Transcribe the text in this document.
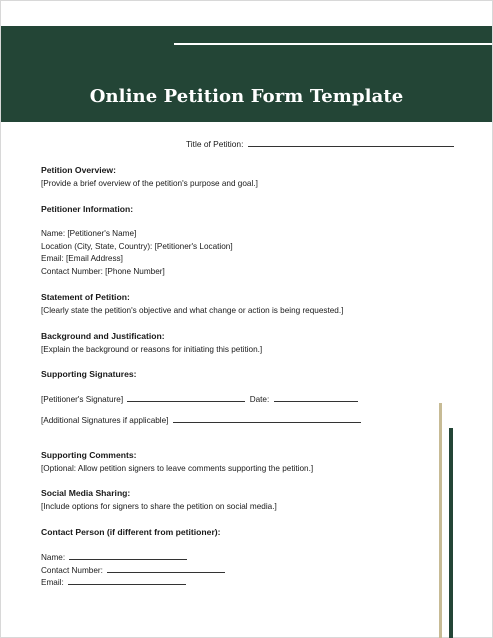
Online Petition Form Template
Title of Petition:
Petition Overview:
[Provide a brief overview of the petition's purpose and goal.]
Petitioner Information:
Name: [Petitioner's Name]
Location (City, State, Country): [Petitioner's Location]
Email: [Email Address]
Contact Number: [Phone Number]
Statement of Petition:
[Clearly state the petition's objective and what change or action is being requested.]
Background and Justification:
[Explain the background or reasons for initiating this petition.]
Supporting Signatures:
[Petitioner's Signature]	Date:
[Additional Signatures if applicable]
Supporting Comments:
[Optional: Allow petition signers to leave comments supporting the petition.]
Social Media Sharing:
[Include options for signers to share the petition on social media.]
Contact Person (if different from petitioner):
Name:
Contact Number:
Email:
